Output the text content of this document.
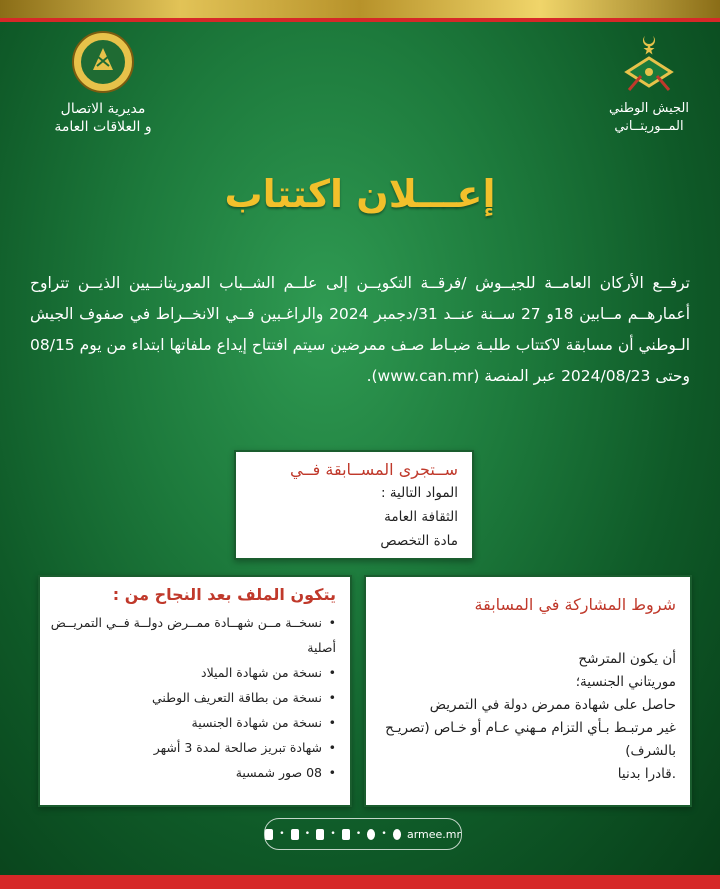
مديرية الاتصال
و العلاقات العامة
الجيش الوطني
المــوريتــاني
إعـــلان اكتتاب
ترفــع الأركان العامــة للجيــوش /فرقــة التكويــن إلى علــم الشــباب الموريتانــيين الذيــن تتراوح أعمارهــم مــابين 18و 27 ســنة عنــد 31/دجمبر 2024 والراغـبين فــي الانخــراط في صفوف الجيش الـوطني أن مسابقة لاكتتاب طلبـة ضبـاط صـف ممرضين سيتم افتتاح إيداع ملفاتها ابتداء من يوم 08/15 وحتى 2024/08/23 عبر المنصة (www.can.mr).
ســتجرى المســابقة فــي
المواد التالية :
الثقافة العامة
مادة التخصص
يتكون الملف بعد النجاح من :
• نسخــة مــن شهــادة ممــرض دولــة فــي التمريــض
أصلية
• نسخة من شهادة الميلاد
• نسخة من بطاقة التعريف الوطني
• نسخة من شهادة الجنسية
• شهادة تبريز صالحة لمدة 3 أشهر
• 08 صور شمسية
شروط المشاركة في المسابقة
أن يكون المترشح
موريتاني الجنسية؛
حاصل على شهادة ممرض دولة في التمريض
غير مرتبـط بـأي التزام مـهني عـام أو خـاص (تصريـح بالشرف)
.قادرا بدنيا
• • • • • armee.mr
